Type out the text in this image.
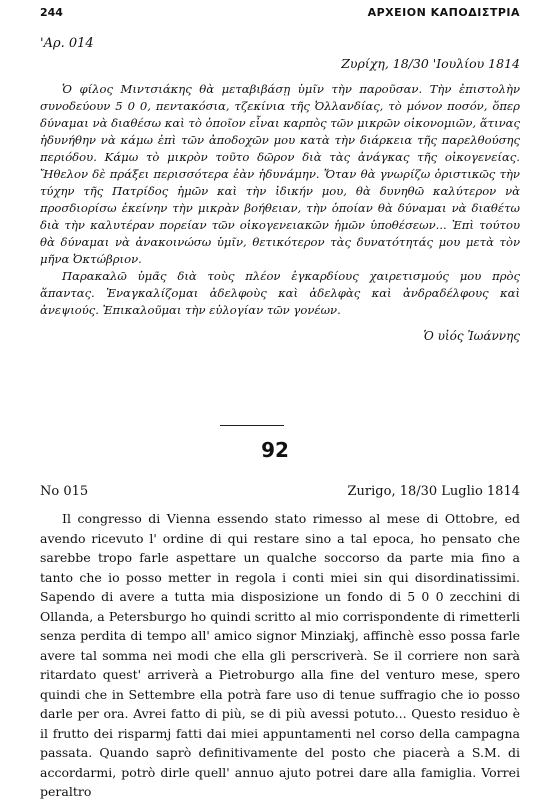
244	ΑΡΧΕΙΟΝ ΚΑΠΟΔΙΣΤΡΙΑ

'Αρ. 014

Ζυρίχη, 18/30 'Ιουλίου 1814

Ὁ φίλος Μιντσιάκης θὰ μεταβιβάσῃ ὑμῖν τὴν παροῦσαν. Τὴν ἐπιστολὴν συνοδεύουν 5 0 0, πεντακόσια, τζεκίνια τῆς Ὀλλανδίας, τὸ μόνον ποσόν, ὅπερ δύναμαι νὰ διαθέσω καὶ τὸ ὁποῖον εἶναι καρπὸς τῶν μικρῶν οἰκονομιῶν, ἅτινας ἠδυνήθην νὰ κάμω ἐπὶ τῶν ἀποδοχῶν μου κατὰ τὴν διάρκεια τῆς παρελθούσης περιόδου. Κάμω τὸ μικρὸν τοῦτο δῶρον διὰ τὰς ἀνάγκας τῆς οἰκογενείας. Ἤθελον δὲ πράξει περισσότερα ἐὰν ἠδυνάμην. Ὅταν θὰ γνωρίζω ὁριστικῶς τὴν τύχην τῆς Πατρίδος ἡμῶν καὶ τὴν ἰδικήν μου, θὰ δυνηθῶ καλύτερον νὰ προσδιορίσω ἐκείνην τὴν μικρὰν βοήθειαν, τὴν ὁποίαν θὰ δύναμαι νὰ διαθέτω διὰ τὴν καλυτέραν πορείαν τῶν οἰκογενειακῶν ἡμῶν ὑποθέσεων... Ἐπὶ τούτου θὰ δύναμαι νὰ ἀνακοινώσω ὑμῖν, θετικότερον τὰς δυνατότητάς μου μετὰ τὸν μῆνα Ὀκτώβριον.

Παρακαλῶ ὑμᾶς διὰ τοὺς πλέον ἐγκαρδίους χαιρετισμούς μου πρὸς ἅπαντας. Ἐναγκαλίζομαι ἀδελφοὺς καὶ ἀδελφὰς καὶ ἀνδραδέλφους καὶ ἀνεψιούς. Ἐπικαλοῦμαι τὴν εὐλογίαν τῶν γονέων.

Ὁ υἱός Ἰωάννης
92
No 015	Zurigo, 18/30 Luglio 1814

Il congresso di Vienna essendo stato rimesso al mese di Ottobre, ed avendo ricevuto l' ordine di qui restare sino a tal epoca, ho pensato che sarebbe tropo farle aspettare un qualche soccorso da parte mia fino a tanto che io posso metter in regola i conti miei sin qui disordinatissimi. Sapendo di avere a tutta mia disposizione un fondo di 5 0 0 zecchini di Ollanda, a Petersburgo ho quindi scritto al mio corrispondente di rimetterli senza perdita di tempo all' amico signor Minziakj, affinchè esso possa farle avere tal somma nei modi che ella gli perscriverà. Se il corriere non sarà ritardato quest' arriverà a Pietroburgo alla fine del venturo mese, spero quindi che in Settembre ella potrà fare uso di tenue suffragio che io posso darle per ora. Avrei fatto di più, se di più avessi potuto... Questo residuo è il frutto dei risparmj fatti dai miei appuntamenti nel corso della campagna passata. Quando saprò definitivamente del posto che piacerà a S.M. di accordarmi, potrò dirle quell' annuo ajuto potrei dare alla famiglia. Vorrei peraltro
